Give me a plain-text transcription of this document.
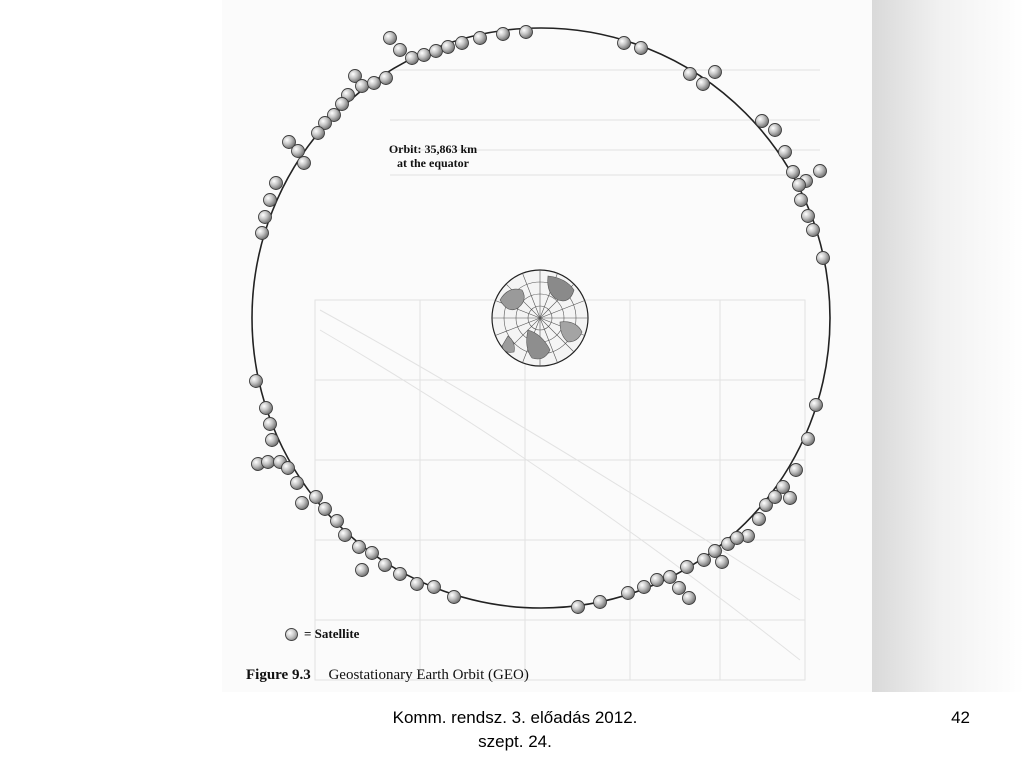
Orbit: 35,863 km
at the equator
= Satellite
Figure 9.3 Geostationary Earth Orbit (GEO)
Komm. rendsz. 3. előadás 2012.
szept. 24.
42
